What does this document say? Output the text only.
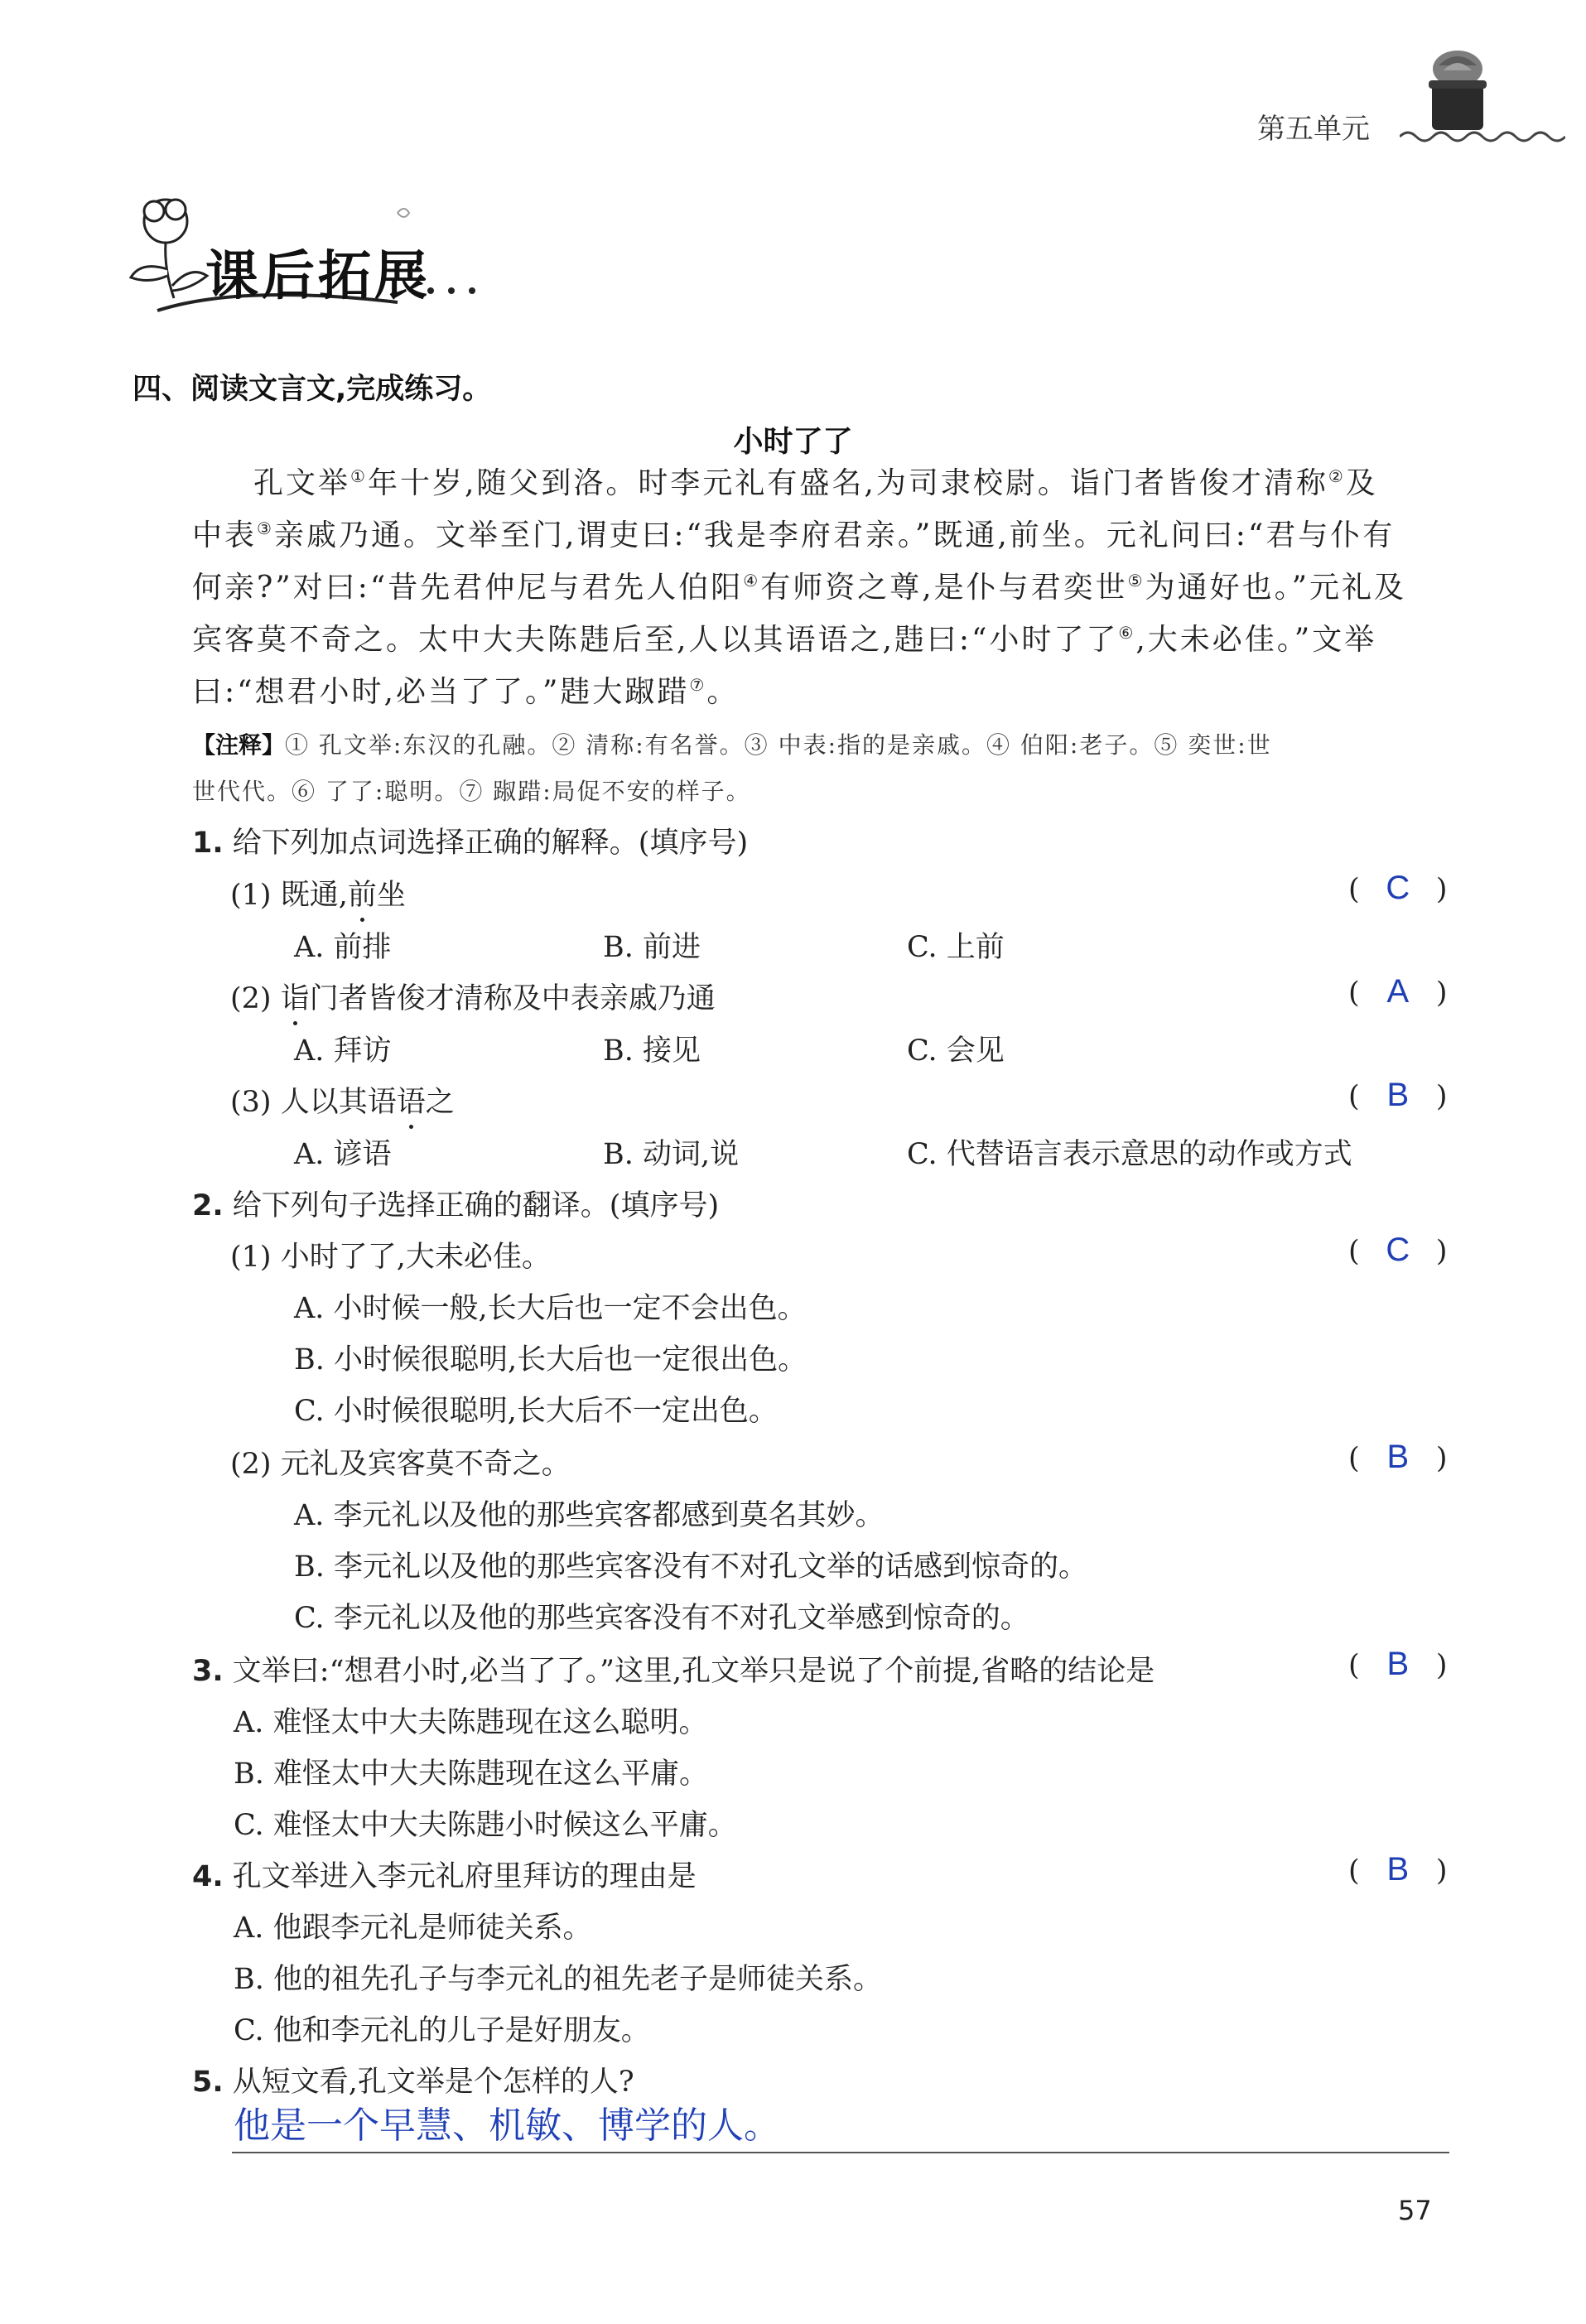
第五单元
课后拓展
四、阅读文言文,完成练习。
小时了了
孔文举①年十岁,随父到洛。时李元礼有盛名,为司隶校尉。诣门者皆俊才清称②及
中表③亲戚乃通。文举至门,谓吏曰:“我是李府君亲。”既通,前坐。元礼问曰:“君与仆有
何亲?”对曰:“昔先君仲尼与君先人伯阳④有师资之尊,是仆与君奕世⑤为通好也。”元礼及
宾客莫不奇之。太中大夫陈韪后至,人以其语语之,韪曰:“小时了了⑥,大未必佳。”文举
曰:“想君小时,必当了了。”韪大踧踖⑦。
【注释】① 孔文举:东汉的孔融。② 清称:有名誉。③ 中表:指的是亲戚。④ 伯阳:老子。⑤ 奕世:世
世代代。⑥ 了了:聪明。⑦ 踧踖:局促不安的样子。
1. 给下列加点词选择正确的解释。(填序号)
(1) 既通,前坐	( C )
A. 前排	B. 前进	C. 上前
(2) 诣门者皆俊才清称及中表亲戚乃通	( A )
A. 拜访	B. 接见	C. 会见
(3) 人以其语语之	( B )
A. 谚语	B. 动词,说	C. 代替语言表示意思的动作或方式
2. 给下列句子选择正确的翻译。(填序号)
(1) 小时了了,大未必佳。	( C )
A. 小时候一般,长大后也一定不会出色。
B. 小时候很聪明,长大后也一定很出色。
C. 小时候很聪明,长大后不一定出色。
(2) 元礼及宾客莫不奇之。	( B )
A. 李元礼以及他的那些宾客都感到莫名其妙。
B. 李元礼以及他的那些宾客没有不对孔文举的话感到惊奇的。
C. 李元礼以及他的那些宾客没有不对孔文举感到惊奇的。
3. 文举曰:“想君小时,必当了了。”这里,孔文举只是说了个前提,省略的结论是	( B )
A. 难怪太中大夫陈韪现在这么聪明。
B. 难怪太中大夫陈韪现在这么平庸。
C. 难怪太中大夫陈韪小时候这么平庸。
4. 孔文举进入李元礼府里拜访的理由是	( B )
A. 他跟李元礼是师徒关系。
B. 他的祖先孔子与李元礼的祖先老子是师徒关系。
C. 他和李元礼的儿子是好朋友。
5. 从短文看,孔文举是个怎样的人?
他是一个早慧、机敏、博学的人。
57
